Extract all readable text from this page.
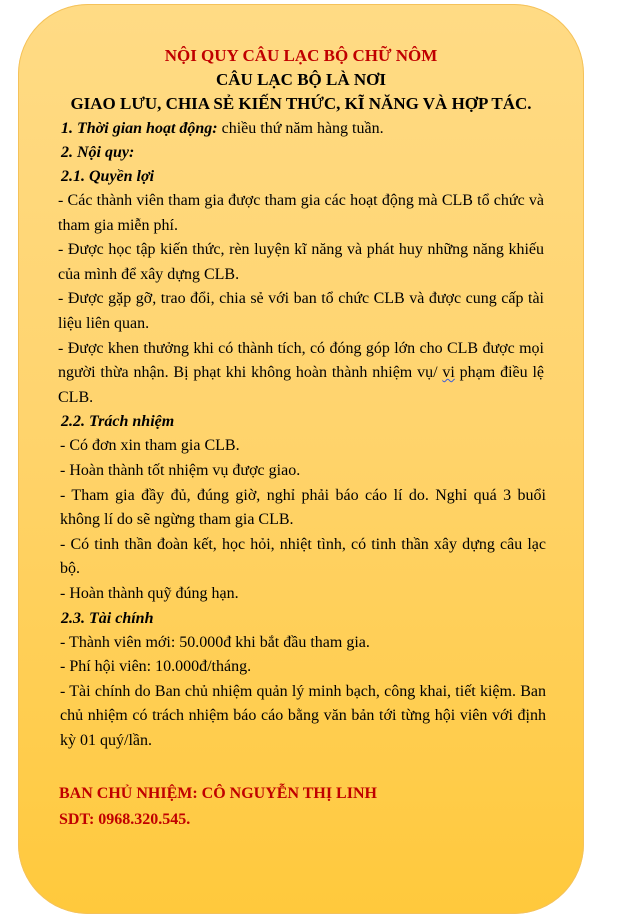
NỘI QUY CÂU LẠC BỘ CHỮ NÔM
CÂU LẠC BỘ LÀ NƠI
GIAO LƯU, CHIA SẺ KIẾN THỨC, KĨ NĂNG VÀ HỢP TÁC.
1. Thời gian hoạt động: chiều thứ năm hàng tuần.
2. Nội quy:
2.1. Quyền lợi

- Các thành viên tham gia được tham gia các hoạt động mà CLB tổ chức và tham gia miễn phí.

- Được học tập kiến thức, rèn luyện kĩ năng và phát huy những năng khiếu của mình để xây dựng CLB.

- Được gặp gỡ, trao đổi, chia sẻ với ban tổ chức CLB và được cung cấp tài liệu liên quan.

- Được khen thưởng khi có thành tích, có đóng góp lớn cho CLB được mọi người thừa nhận. Bị phạt khi không hoàn thành nhiệm vụ/ vi phạm điều lệ CLB.

2.2. Trách nhiệm

- Có đơn xin tham gia CLB.

- Hoàn thành tốt nhiệm vụ được giao.

- Tham gia đầy đủ, đúng giờ, nghỉ phải báo cáo lí do. Nghỉ quá 3 buổi không lí do sẽ ngừng tham gia CLB.

- Có tinh thần đoàn kết, học hỏi, nhiệt tình, có tinh thần xây dựng câu lạc bộ.

- Hoàn thành quỹ đúng hạn.

2.3. Tài chính

- Thành viên mới: 50.000đ khi bắt đầu tham gia.

- Phí hội viên: 10.000đ/tháng.

- Tài chính do Ban chủ nhiệm quản lý minh bạch, công khai, tiết kiệm. Ban chủ nhiệm có trách nhiệm báo cáo bằng văn bản tới từng hội viên với định kỳ 01 quý/lần.

BAN CHỦ NHIỆM: CÔ NGUYỄN THỊ LINH
SDT: 0968.320.545.
